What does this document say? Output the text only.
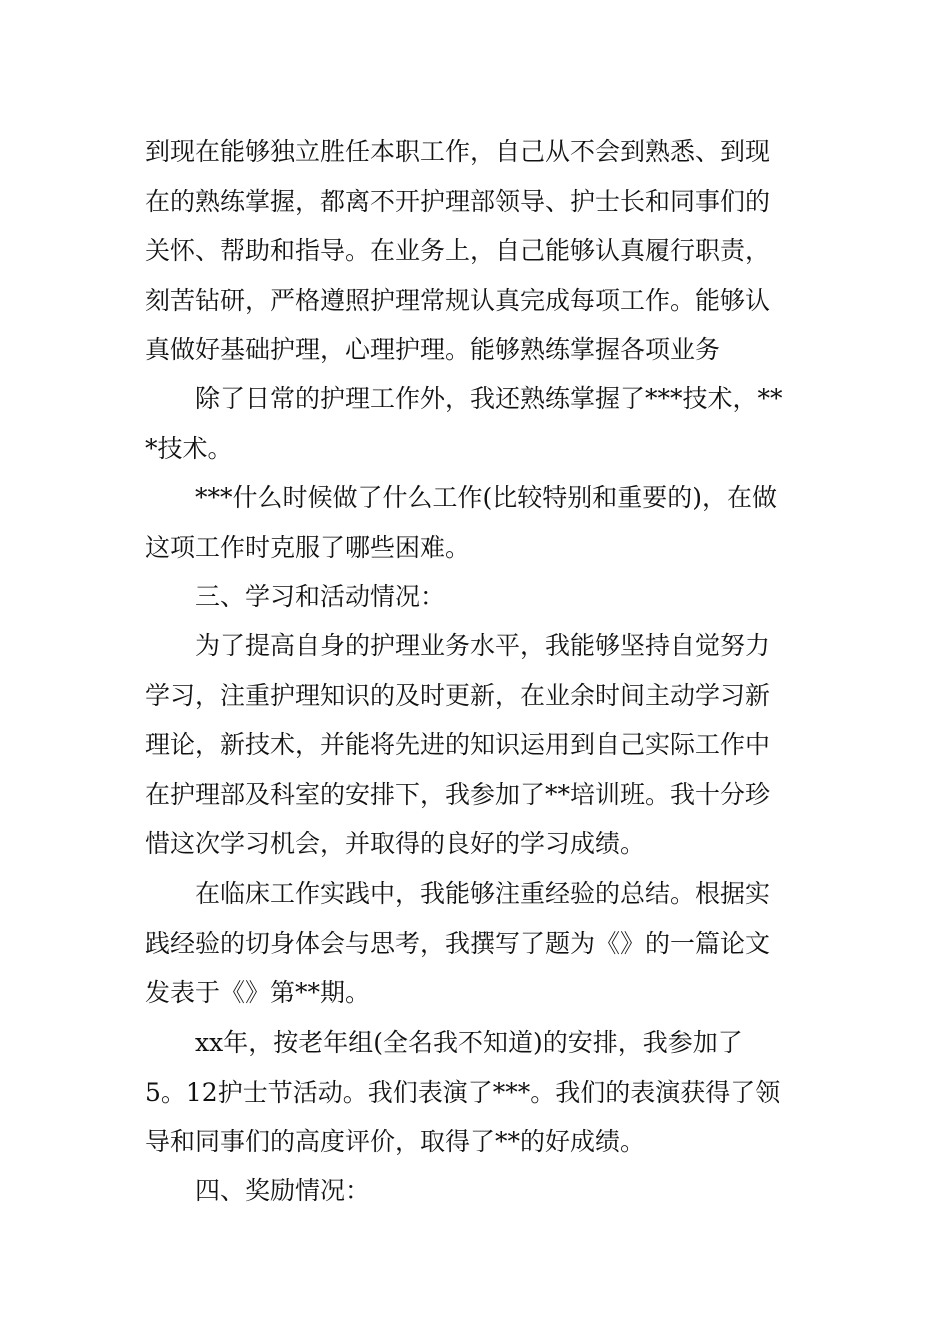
到现在能够独立胜任本职工作，自己从不会到熟悉、到现
在的熟练掌握，都离不开护理部领导、护士长和同事们的
关怀、帮助和指导。在业务上，自己能够认真履行职责，
刻苦钻研，严格遵照护理常规认真完成每项工作。能够认
真做好基础护理，心理护理。能够熟练掌握各项业务
除了日常的护理工作外，我还熟练掌握了***技术，**
*技术。
***什么时候做了什么工作(比较特别和重要的)，在做
这项工作时克服了哪些困难。
三、学习和活动情况：
为了提高自身的护理业务水平，我能够坚持自觉努力
学习，注重护理知识的及时更新，在业余时间主动学习新
理论，新技术，并能将先进的知识运用到自己实际工作中
在护理部及科室的安排下，我参加了**培训班。我十分珍
惜这次学习机会，并取得的良好的学习成绩。
在临床工作实践中，我能够注重经验的总结。根据实
践经验的切身体会与思考，我撰写了题为《》的一篇论文
发表于《》第**期。
xx年，按老年组(全名我不知道)的安排，我参加了
5。12护士节活动。我们表演了***。我们的表演获得了领
导和同事们的高度评价，取得了**的好成绩。
四、奖励情况：
